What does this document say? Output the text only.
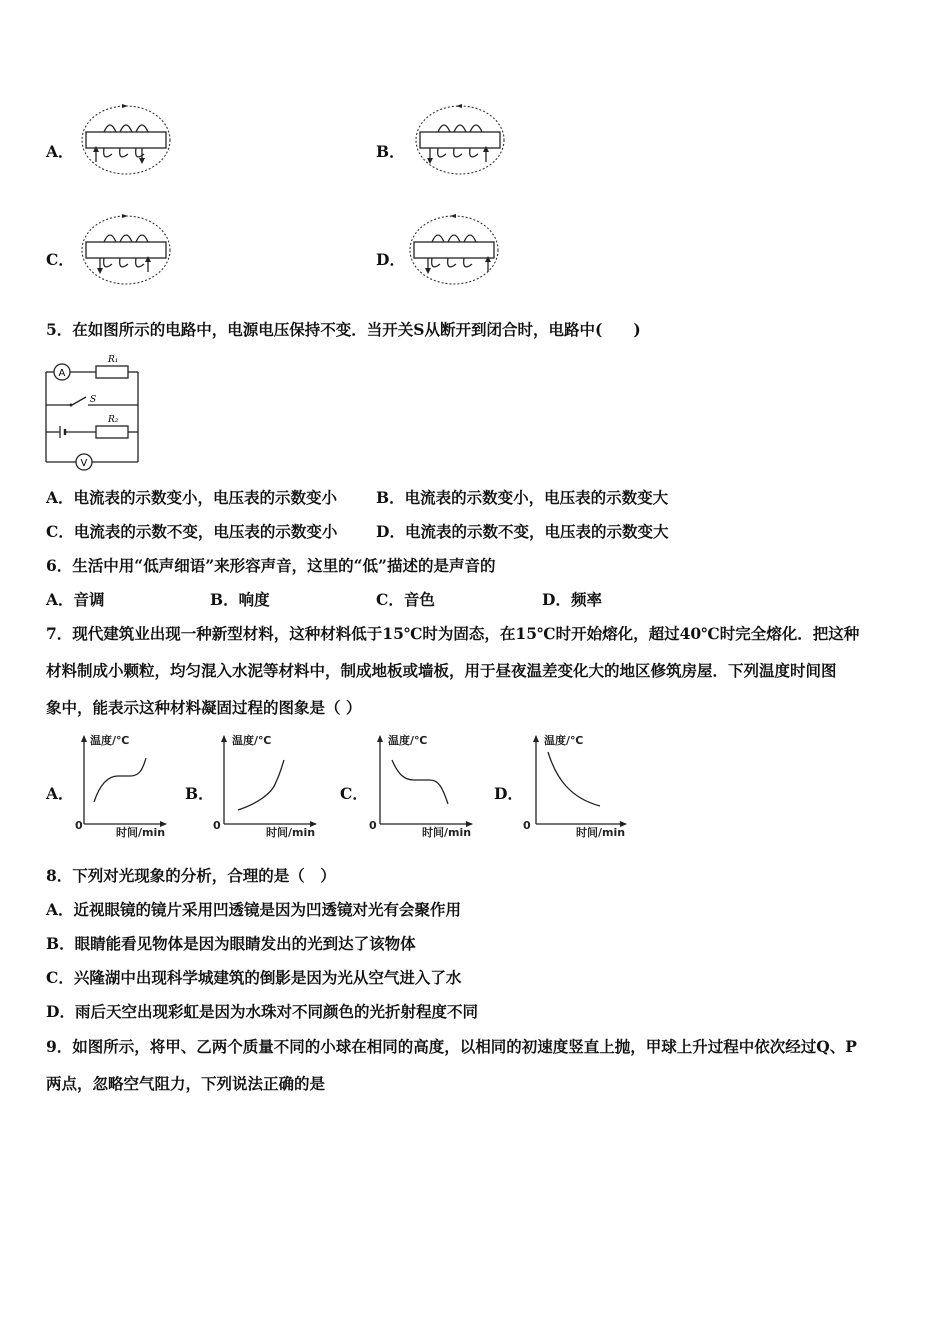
A．	B．
C．	D．
5．在如图所示的电路中，电源电压保持不变．当开关S从断开到闭合时，电路中(　　)
A
R₁
S
R₂
V
A．电流表的示数变小，电压表的示数变小	B．电流表的示数变小，电压表的示数变大
C．电流表的示数不变，电压表的示数变小 D．电流表的示数不变，电压表的示数变大
6．生活中用“低声细语”来形容声音，这里的“低”描述的是声音的
A．音调	B．响度	C．音色	D．频率
7．现代建筑业出现一种新型材料，这种材料低于15℃时为固态，在15℃时开始熔化，超过40℃时完全熔化．把这种
材料制成小颗粒，均匀混入水泥等材料中，制成地板或墙板，用于昼夜温差变化大的地区修筑房屋．下列温度时间图
象中，能表示这种材料凝固过程的图象是（ ）
A．
温度/℃
时间/min
0
B．
温度/℃
时间/min
0
C．
温度/℃
时间/min
0
D．
温度/℃
时间/min
0
8．下列对光现象的分析，合理的是（　）
A．近视眼镜的镜片采用凹透镜是因为凹透镜对光有会聚作用
B．眼睛能看见物体是因为眼睛发出的光到达了该物体
C．兴隆湖中出现科学城建筑的倒影是因为光从空气进入了水
D．雨后天空出现彩虹是因为水珠对不同颜色的光折射程度不同
9．如图所示，将甲、乙两个质量不同的小球在相同的高度，以相同的初速度竖直上抛，甲球上升过程中依次经过Q、P
两点，忽略空气阻力，下列说法正确的是
